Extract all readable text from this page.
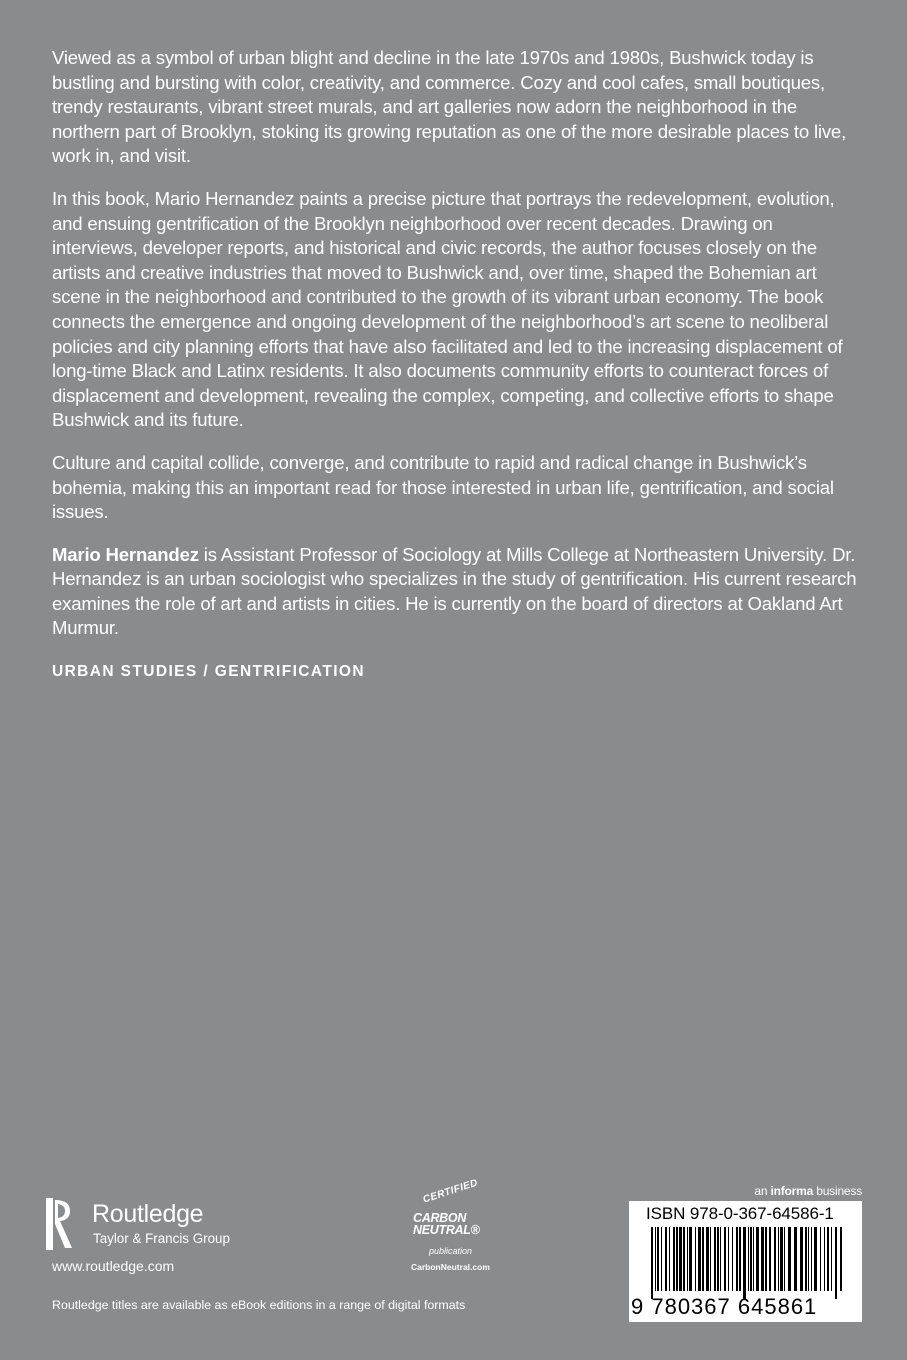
Viewed as a symbol of urban blight and decline in the late 1970s and 1980s, Bushwick today is bustling and bursting with color, creativity, and commerce. Cozy and cool cafes, small boutiques, trendy restaurants, vibrant street murals, and art galleries now adorn the neighborhood in the northern part of Brooklyn, stoking its growing reputation as one of the more desirable places to live, work in, and visit.

In this book, Mario Hernandez paints a precise picture that portrays the redevelopment, evolution, and ensuing gentrification of the Brooklyn neighborhood over recent decades. Drawing on interviews, developer reports, and historical and civic records, the author focuses closely on the artists and creative industries that moved to Bushwick and, over time, shaped the Bohemian art scene in the neighborhood and contributed to the growth of its vibrant urban economy. The book connects the emergence and ongoing development of the neighborhood’s art scene to neoliberal policies and city planning efforts that have also facilitated and led to the increasing displacement of long-time Black and Latinx residents. It also documents community efforts to counteract forces of displacement and development, revealing the complex, competing, and collective efforts to shape Bushwick and its future.

Culture and capital collide, converge, and contribute to rapid and radical change in Bushwick’s bohemia, making this an important read for those interested in urban life, gentrification, and social issues.

Mario Hernandez is Assistant Professor of Sociology at Mills College at Northeastern University. Dr. Hernandez is an urban sociologist who specializes in the study of gentrification. His current research examines the role of art and artists in cities. He is currently on the board of directors at Oakland Art Murmur.

URBAN STUDIES / GENTRIFICATION
Routledge
Taylor & Francis Group
www.routledge.com
Routledge titles are available as eBook editions in a range of digital formats
CERTIFIED
CARBON
NEUTRAL®
publication
CarbonNeutral.com
an informa business
ISBN 978-0-367-64586-1
9 780367 645861
